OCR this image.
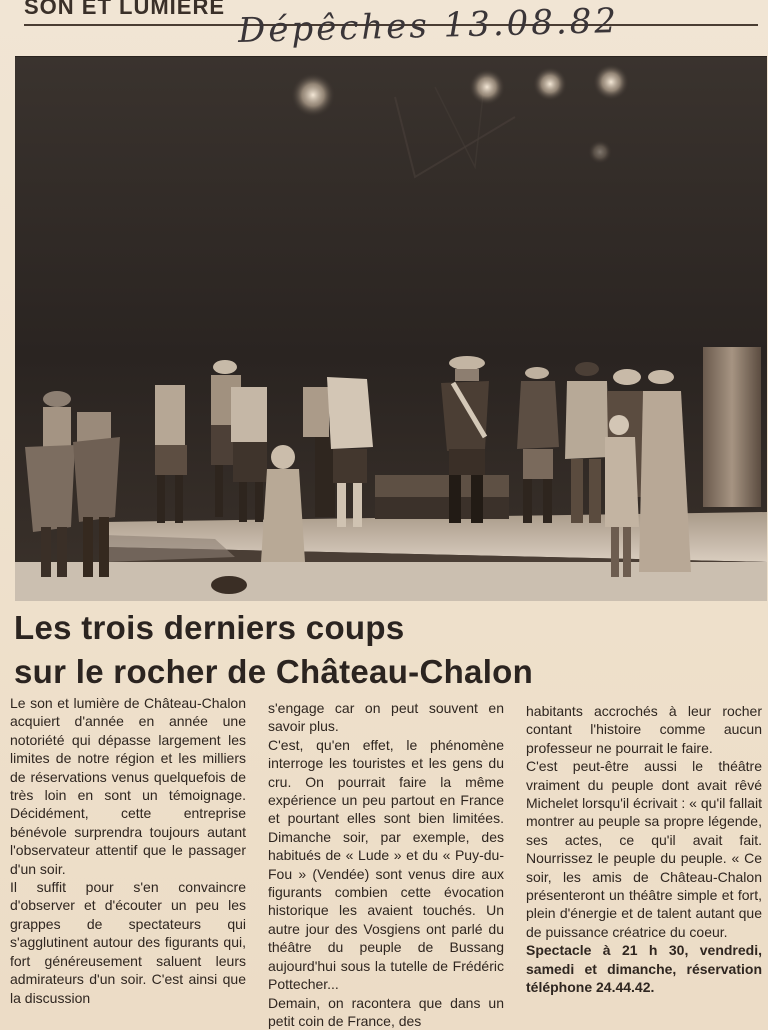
SON ET LUMIERE Dépêches 13.08.82
Les trois derniers coups
sur le rocher de Château-Chalon

Le son et lumière de Château-Chalon acquiert d'année en année une notoriété qui dépasse largement les limites de notre région et les milliers de réservations venus quelquefois de très loin en sont un témoignage. Décidément, cette entreprise bénévole surprendra toujours autant l'observateur attentif que le passager d'un soir.

Il suffit pour s'en convaincre d'observer et d'écouter un peu les grappes de spectateurs qui s'agglutinent autour des figurants qui, fort généreusement saluent leurs admirateurs d'un soir. C'est ainsi que la discussion

s'engage car on peut souvent en savoir plus.

C'est, qu'en effet, le phénomène interroge les touristes et les gens du cru. On pourrait faire la même expérience un peu partout en France et pourtant elles sont bien limitées. Dimanche soir, par exemple, des habitués de « Lude » et du « Puy-du-Fou » (Vendée) sont venus dire aux figurants combien cette évocation historique les avaient touchés. Un autre jour des Vosgiens ont parlé du théâtre du peuple de Bussang aujourd'hui sous la tutelle de Frédéric Pottecher...

Demain, on racontera que dans un petit coin de France, des

habitants accrochés à leur rocher contant l'histoire comme aucun professeur ne pourrait le faire.

C'est peut-être aussi le théâtre vraiment du peuple dont avait rêvé Michelet lorsqu'il écrivait : « qu'il fallait montrer au peuple sa propre légende, ses actes, ce qu'il avait fait. Nourrissez le peuple du peuple. « Ce soir, les amis de Château-Chalon présenteront un théâtre simple et fort, plein d'énergie et de talent autant que de puissance créatrice du coeur.

Spectacle à 21 h 30, vendredi, samedi et dimanche, réservation téléphone 24.44.42.
